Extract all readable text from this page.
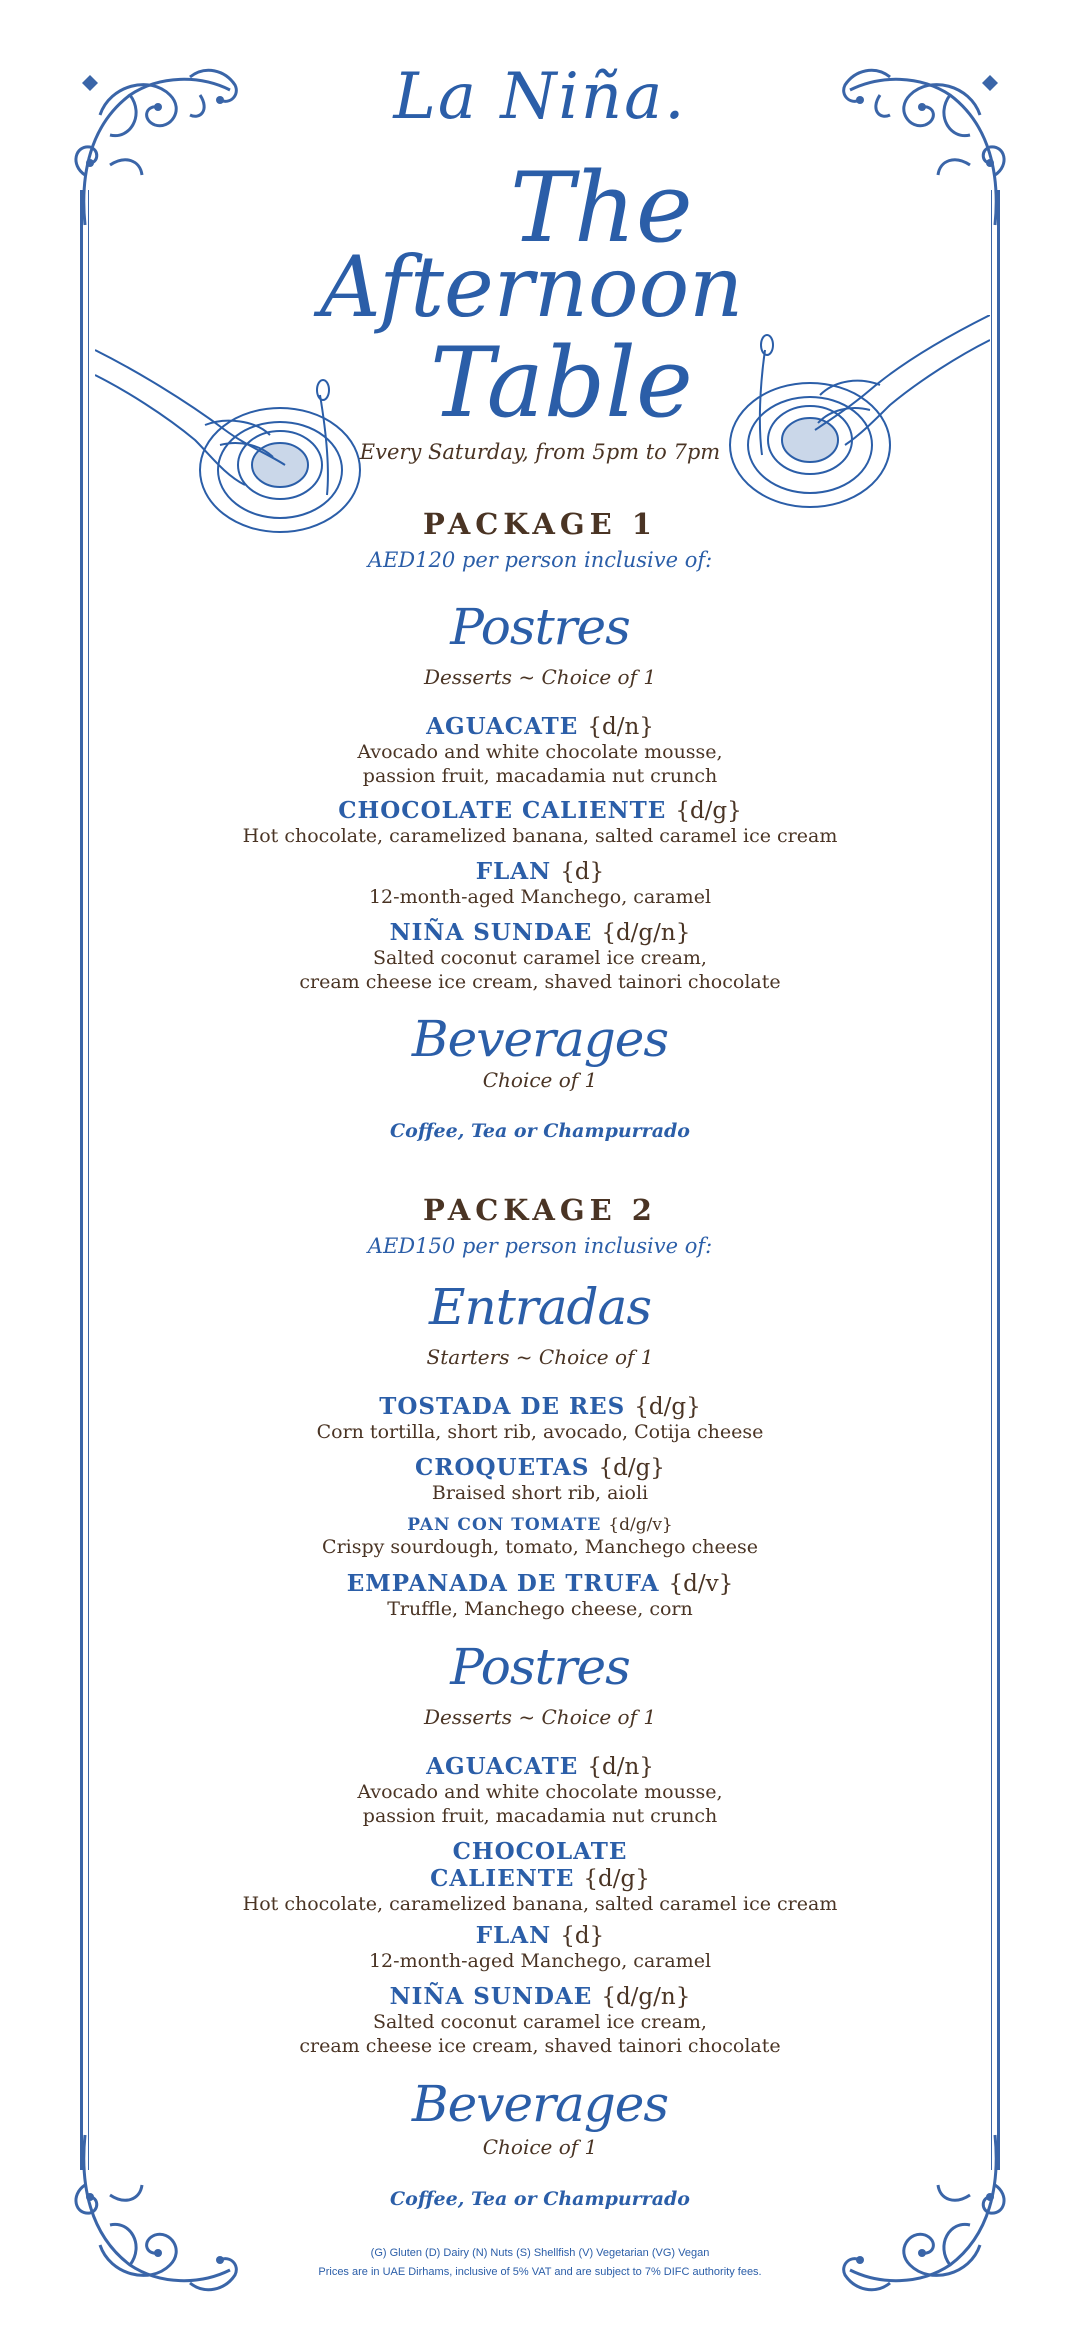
La Niña.
The
Afternoon
Table
Every Saturday, from 5pm to 7pm
PACKAGE 1
AED120 per person inclusive of:
Postres
Desserts ~ Choice of 1
AGUACATE {d/n}
Avocado and white chocolate mousse,
passion fruit, macadamia nut crunch
CHOCOLATE CALIENTE {d/g}
Hot chocolate, caramelized banana, salted caramel ice cream
FLAN {d}
12-month-aged Manchego, caramel
NIÑA SUNDAE {d/g/n}
Salted coconut caramel ice cream,
cream cheese ice cream, shaved tainori chocolate
Beverages
Choice of 1
Coffee, Tea or Champurrado
PACKAGE 2
AED150 per person inclusive of:
Entradas
Starters ~ Choice of 1
TOSTADA DE RES {d/g}
Corn tortilla, short rib, avocado, Cotija cheese
CROQUETAS {d/g}
Braised short rib, aioli
PAN CON TOMATE {d/g/v}
Crispy sourdough, tomato, Manchego cheese
EMPANADA DE TRUFA {d/v}
Truffle, Manchego cheese, corn
Postres
Desserts ~ Choice of 1
AGUACATE {d/n}
Avocado and white chocolate mousse,
passion fruit, macadamia nut crunch
CHOCOLATE
CALIENTE {d/g}
Hot chocolate, caramelized banana, salted caramel ice cream
FLAN {d}
12-month-aged Manchego, caramel
NIÑA SUNDAE {d/g/n}
Salted coconut caramel ice cream,
cream cheese ice cream, shaved tainori chocolate
Beverages
Choice of 1
Coffee, Tea or Champurrado
(G) Gluten (D) Dairy (N) Nuts (S) Shellfish (V) Vegetarian (VG) Vegan
Prices are in UAE Dirhams, inclusive of 5% VAT and are subject to 7% DIFC authority fees.
